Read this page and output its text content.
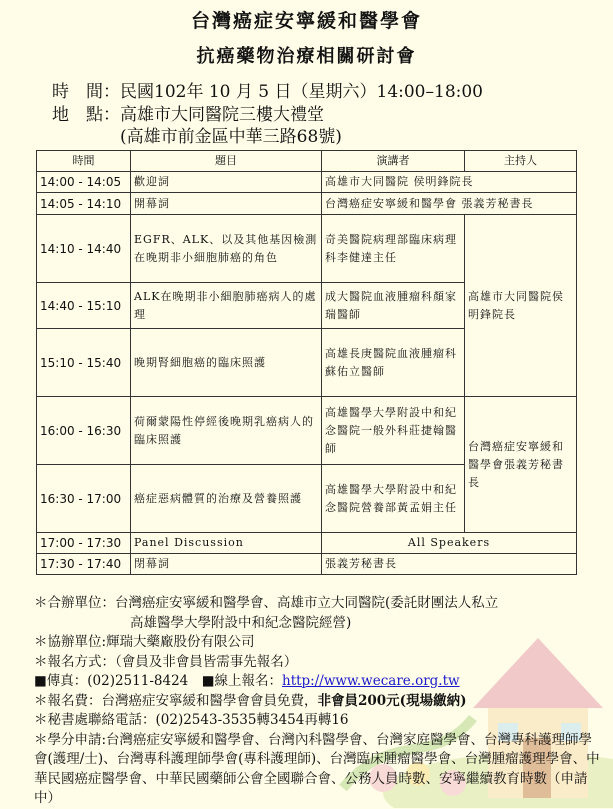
台灣癌症安寧緩和醫學會
抗癌藥物治療相關研討會
時　間：民國102年 10 月 5 日（星期六）14:00–18:00
地　點：高雄市大同醫院三樓大禮堂
(高雄市前金區中華三路68號)
時間	題目	演講者	主持人
14:00 - 14:05	歡迎詞	高雄市大同醫院 侯明鋒院長	
14:05 - 14:10	開幕詞	台灣癌症安寧緩和醫學會 張義芳秘書長	
14:10 - 14:40	EGFR、ALK、以及其他基因檢測在晚期非小細胞肺癌的角色	奇美醫院病理部臨床病理科李健達主任	高雄市大同醫院侯明鋒院長
14:40 - 15:10	ALK在晚期非小細胞肺癌病人的處理	成大醫院血液腫瘤科顏家瑞醫師	
15:10 - 15:40	晚期腎細胞癌的臨床照護	高雄長庚醫院血液腫瘤科蘇佑立醫師	
16:00 - 16:30	荷爾蒙陽性停經後晚期乳癌病人的臨床照護	高雄醫學大學附設中和紀念醫院一般外科莊捷翰醫師	台灣癌症安寧緩和醫學會張義芳秘書長
16:30 - 17:00	癌症惡病體質的治療及營養照護	高雄醫學大學附設中和紀念醫院營養部黃孟娟主任	
17:00 - 17:30	Panel Discussion	All Speakers	
17:30 - 17:40	閉幕詞	張義芳秘書長	
＊合辦單位：台灣癌症安寧緩和醫學會、高雄市立大同醫院(委託財團法人私立
高雄醫學大學附設中和紀念醫院經營)
＊協辦單位:輝瑞大藥廠股份有限公司
＊報名方式：（會員及非會員皆需事先報名）
■傳真：(02)2511-8424　■線上報名：http://www.wecare.org.tw
＊報名費：台灣癌症安寧緩和醫學會會員免費，非會員200元(現場繳納)
＊秘書處聯絡電話：(02)2543-3535轉3454再轉16
＊學分申請:台灣癌症安寧緩和醫學會、台灣內科醫學會、台灣家庭醫學會、台灣專科護理師學會(護理/士)、台灣專科護理師學會(專科護理師)、台灣臨床腫瘤醫學會、台灣腫瘤護理學會、中華民國癌症醫學會、中華民國藥師公會全國聯合會、公務人員時數、安寧繼續教育時數（申請中）
